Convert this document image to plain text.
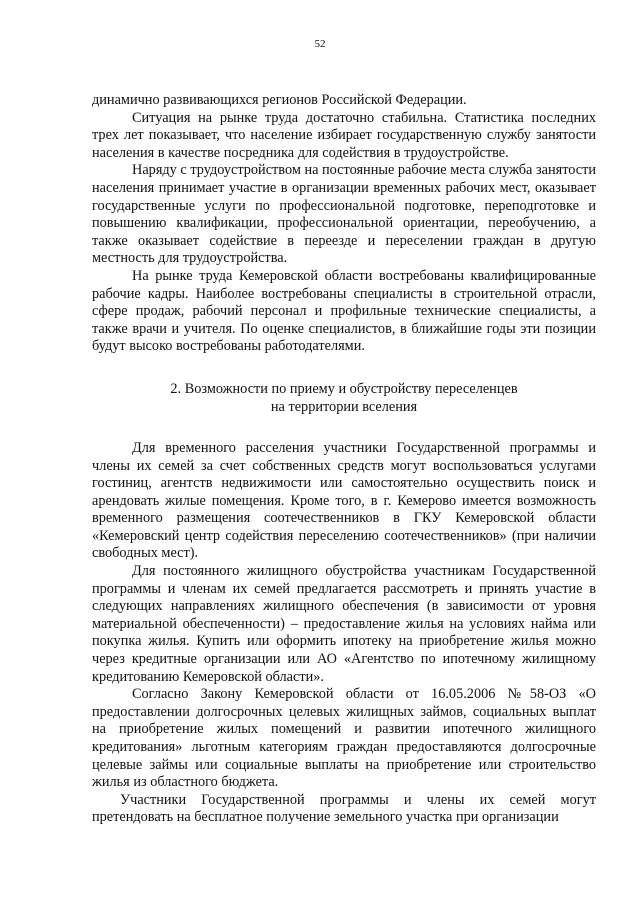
52

динамично развивающихся регионов Российской Федерации.

Ситуация на рынке труда достаточно стабильна. Статистика последних трех лет показывает, что население избирает государственную службу занятости населения в качестве посредника для содействия в трудоустройстве.

Наряду с трудоустройством на постоянные рабочие места служба занятости населения принимает участие в организации временных рабочих мест, оказывает государственные услуги по профессиональной подготовке, переподготовке и повышению квалификации, профессиональной ориентации, переобучению, а также оказывает содействие в переезде и переселении граждан в другую местность для трудоустройства.

На рынке труда Кемеровской области востребованы квалифицированные рабочие кадры. Наиболее востребованы специалисты в строительной отрасли, сфере продаж, рабочий персонал и профильные технические специалисты, а также врачи и учителя. По оценке специалистов, в ближайшие годы эти позиции будут высоко востребованы работодателями.

2. Возможности по приему и обустройству переселенцев
на территории вселения

Для временного расселения участники Государственной программы и члены их семей за счет собственных средств могут воспользоваться услугами гостиниц, агентств недвижимости или самостоятельно осуществить поиск и арендовать жилые помещения. Кроме того, в г. Кемерово имеется возможность временного размещения соотечественников в ГКУ Кемеровской области «Кемеровский центр содействия переселению соотечественников» (при наличии свободных мест).

Для постоянного жилищного обустройства участникам Государственной программы и членам их семей предлагается рассмотреть и принять участие в следующих направлениях жилищного обеспечения (в зависимости от уровня материальной обеспеченности) – предоставление жилья на условиях найма или покупка жилья. Купить или оформить ипотеку на приобретение жилья можно через кредитные организации или АО «Агентство по ипотечному жилищному кредитованию Кемеровской области».

Согласно Закону Кемеровской области от 16.05.2006 №58-ОЗ «О предоставлении долгосрочных целевых жилищных займов, социальных выплат на приобретение жилых помещений и развитии ипотечного жилищного кредитования» льготным категориям граждан предоставляются долгосрочные целевые займы или социальные выплаты на приобретение или строительство жилья из областного бюджета.

Участники Государственной программы и члены их семей могут претендовать на бесплатное получение земельного участка при организации
